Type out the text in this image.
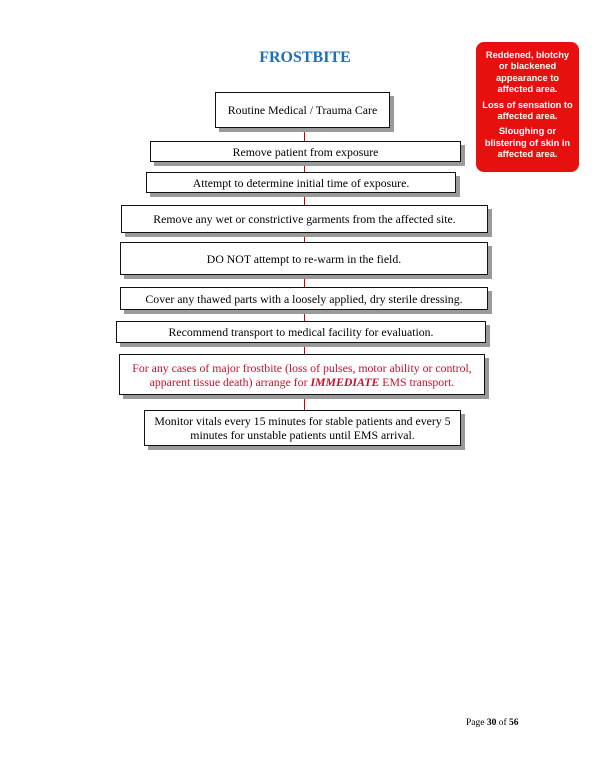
FROSTBITE	Reddened, blotchy or blackened appearance to affected area.

Loss of sensation to affected area.

Sloughing or blistering of skin in affected area.

Routine Medical / Trauma Care
Remove patient from exposure
Attempt to determine initial time of exposure.
Remove any wet or constrictive garments from the affected site.
DO NOT attempt to re-warm in the field.
Cover any thawed parts with a loosely applied, dry sterile dressing.
Recommend transport to medical facility for evaluation.
For any cases of major frostbite (loss of pulses, motor ability or control, apparent tissue death) arrange for IMMEDIATE EMS transport.
Monitor vitals every 15 minutes for stable patients and every 5 minutes for unstable patients until EMS arrival.
Page 30 of 56
